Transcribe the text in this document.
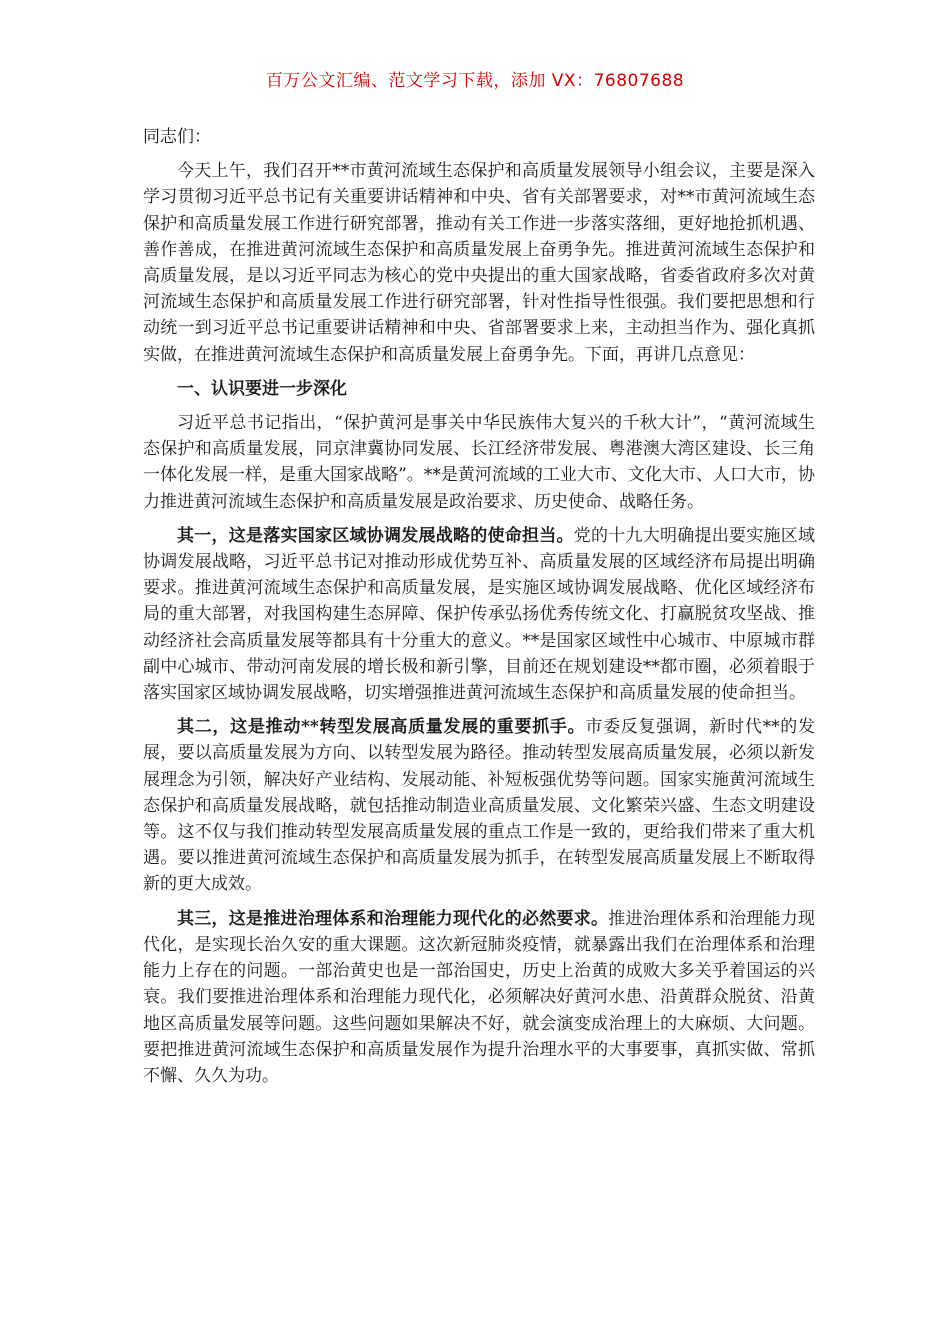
百万公文汇编、范文学习下载，添加 VX：76807688
同志们：

今天上午，我们召开**市黄河流域生态保护和高质量发展领导小组会议，主要是深入学习贯彻习近平总书记有关重要讲话精神和中央、省有关部署要求，对**市黄河流域生态保护和高质量发展工作进行研究部署，推动有关工作进一步落实落细，更好地抢抓机遇、善作善成，在推进黄河流域生态保护和高质量发展上奋勇争先。推进黄河流域生态保护和高质量发展，是以习近平同志为核心的党中央提出的重大国家战略，省委省政府多次对黄河流域生态保护和高质量发展工作进行研究部署，针对性指导性很强。我们要把思想和行动统一到习近平总书记重要讲话精神和中央、省部署要求上来，主动担当作为、强化真抓实做，在推进黄河流域生态保护和高质量发展上奋勇争先。下面，再讲几点意见：

一、认识要进一步深化

习近平总书记指出，“保护黄河是事关中华民族伟大复兴的千秋大计”，“黄河流域生态保护和高质量发展，同京津冀协同发展、长江经济带发展、粤港澳大湾区建设、长三角一体化发展一样，是重大国家战略”。**是黄河流域的工业大市、文化大市、人口大市，协力推进黄河流域生态保护和高质量发展是政治要求、历史使命、战略任务。

其一，这是落实国家区域协调发展战略的使命担当。党的十九大明确提出要实施区域协调发展战略，习近平总书记对推动形成优势互补、高质量发展的区域经济布局提出明确要求。推进黄河流域生态保护和高质量发展，是实施区域协调发展战略、优化区域经济布局的重大部署，对我国构建生态屏障、保护传承弘扬优秀传统文化、打赢脱贫攻坚战、推动经济社会高质量发展等都具有十分重大的意义。**是国家区域性中心城市、中原城市群副中心城市、带动河南发展的增长极和新引擎，目前还在规划建设**都市圈，必须着眼于落实国家区域协调发展战略，切实增强推进黄河流域生态保护和高质量发展的使命担当。

其二，这是推动**转型发展高质量发展的重要抓手。市委反复强调，新时代**的发展，要以高质量发展为方向、以转型发展为路径。推动转型发展高质量发展，必须以新发展理念为引领，解决好产业结构、发展动能、补短板强优势等问题。国家实施黄河流域生态保护和高质量发展战略，就包括推动制造业高质量发展、文化繁荣兴盛、生态文明建设等。这不仅与我们推动转型发展高质量发展的重点工作是一致的，更给我们带来了重大机遇。要以推进黄河流域生态保护和高质量发展为抓手，在转型发展高质量发展上不断取得新的更大成效。

其三，这是推进治理体系和治理能力现代化的必然要求。推进治理体系和治理能力现代化，是实现长治久安的重大课题。这次新冠肺炎疫情，就暴露出我们在治理体系和治理能力上存在的问题。一部治黄史也是一部治国史，历史上治黄的成败大多关乎着国运的兴衰。我们要推进治理体系和治理能力现代化，必须解决好黄河水患、沿黄群众脱贫、沿黄地区高质量发展等问题。这些问题如果解决不好，就会演变成治理上的大麻烦、大问题。要把推进黄河流域生态保护和高质量发展作为提升治理水平的大事要事，真抓实做、常抓不懈、久久为功。
